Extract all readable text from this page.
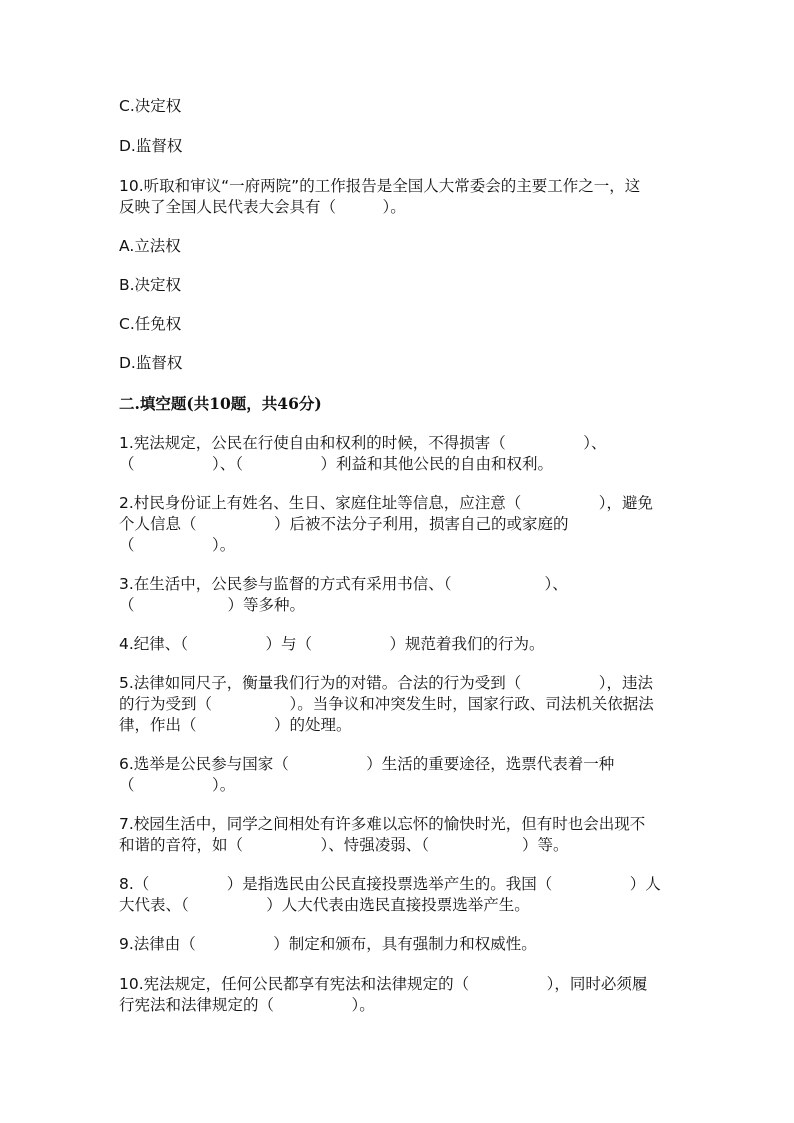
C.决定权
D.监督权
10.听取和审议“一府两院”的工作报告是全国人大常委会的主要工作之一，这
反映了全国人民代表大会具有（　　　）。
A.立法权
B.决定权
C.任免权
D.监督权
二.填空题(共10题，共46分)
1.宪法规定，公民在行使自由和权利的时候，不得损害（　　　　　）、
（　　　　　）、（　　　　　）利益和其他公民的自由和权利。
2.村民身份证上有姓名、生日、家庭住址等信息，应注意（　　　　　），避免
个人信息（　　　　　）后被不法分子利用，损害自己的或家庭的
（　　　　　）。
3.在生活中，公民参与监督的方式有采用书信、（　　　　　　）、
（　　　　　　）等多种。
4.纪律、（　　　　　）与（　　　　　）规范着我们的行为。
5.法律如同尺子，衡量我们行为的对错。合法的行为受到（　　　　　），违法
的行为受到（　　　　　）。当争议和冲突发生时，国家行政、司法机关依据法
律，作出（　　　　　）的处理。
6.选举是公民参与国家（　　　　　）生活的重要途径，选票代表着一种
（　　　　　）。
7.校园生活中，同学之间相处有许多难以忘怀的愉快时光，但有时也会出现不
和谐的音符，如（　　　　　）、恃强凌弱、（　　　　　　）等。
8.（　　　　　）是指选民由公民直接投票选举产生的。我国（　　　　　）人
大代表、（　　　　　）人大代表由选民直接投票选举产生。
9.法律由（　　　　　）制定和颁布，具有强制力和权威性。
10.宪法规定，任何公民都享有宪法和法律规定的（　　　　　），同时必须履
行宪法和法律规定的（　　　　　）。
